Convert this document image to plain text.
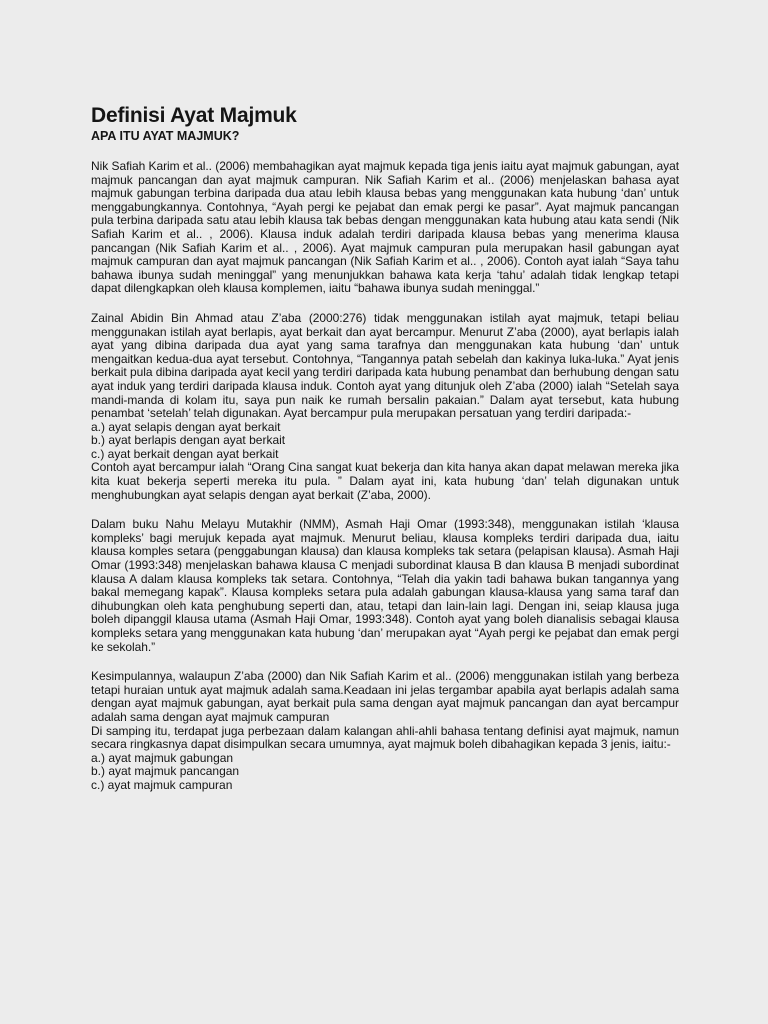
Definisi Ayat Majmuk
APA ITU AYAT MAJMUK?

Nik Safiah Karim et al.. (2006) membahagikan ayat majmuk kepada tiga jenis iaitu ayat majmuk gabungan, ayat majmuk pancangan dan ayat majmuk campuran. Nik Safiah Karim et al.. (2006) menjelaskan bahasa ayat majmuk gabungan terbina daripada dua atau lebih klausa bebas yang menggunakan kata hubung ‘dan’ untuk menggabungkannya. Contohnya, “Ayah pergi ke pejabat dan emak pergi ke pasar”. Ayat majmuk pancangan pula terbina daripada satu atau lebih klausa tak bebas dengan menggunakan kata hubung atau kata sendi (Nik Safiah Karim et al.. , 2006). Klausa induk adalah terdiri daripada klausa bebas yang menerima klausa pancangan (Nik Safiah Karim et al.. , 2006). Ayat majmuk campuran pula merupakan hasil gabungan ayat majmuk campuran dan ayat majmuk pancangan (Nik Safiah Karim et al.. , 2006). Contoh ayat ialah “Saya tahu bahawa ibunya sudah meninggal” yang menunjukkan bahawa kata kerja ‘tahu’ adalah tidak lengkap tetapi dapat dilengkapkan oleh klausa komplemen, iaitu “bahawa ibunya sudah meninggal.”

Zainal Abidin Bin Ahmad atau Z’aba (2000:276) tidak menggunakan istilah ayat majmuk, tetapi beliau menggunakan istilah ayat berlapis, ayat berkait dan ayat bercampur. Menurut Z’aba (2000), ayat berlapis ialah ayat yang dibina daripada dua ayat yang sama tarafnya dan menggunakan kata hubung ‘dan’ untuk mengaitkan kedua-dua ayat tersebut. Contohnya, “Tangannya patah sebelah dan kakinya luka-luka.” Ayat jenis berkait pula dibina daripada ayat kecil yang terdiri daripada kata hubung penambat dan berhubung dengan satu ayat induk yang terdiri daripada klausa induk. Contoh ayat yang ditunjuk oleh Z’aba (2000) ialah “Setelah saya mandi-manda di kolam itu, saya pun naik ke rumah bersalin pakaian.” Dalam ayat tersebut, kata hubung penambat ‘setelah’ telah digunakan. Ayat bercampur pula merupakan persatuan yang terdiri daripada:-

a.) ayat selapis dengan ayat berkait
b.) ayat berlapis dengan ayat berkait
c.) ayat berkait dengan ayat berkait

Contoh ayat bercampur ialah “Orang Cina sangat kuat bekerja dan kita hanya akan dapat melawan mereka jika kita kuat bekerja seperti mereka itu pula. ” Dalam ayat ini, kata hubung ‘dan’ telah digunakan untuk menghubungkan ayat selapis dengan ayat berkait (Z’aba, 2000).

Dalam buku Nahu Melayu Mutakhir (NMM), Asmah Haji Omar (1993:348), menggunakan istilah ‘klausa kompleks’ bagi merujuk kepada ayat majmuk. Menurut beliau, klausa kompleks terdiri daripada dua, iaitu klausa komples setara (penggabungan klausa) dan klausa kompleks tak setara (pelapisan klausa). Asmah Haji Omar (1993:348) menjelaskan bahawa klausa C menjadi subordinat klausa B dan klausa B menjadi subordinat klausa A dalam klausa kompleks tak setara. Contohnya, “Telah dia yakin tadi bahawa bukan tangannya yang bakal memegang kapak”. Klausa kompleks setara pula adalah gabungan klausa-klausa yang sama taraf dan dihubungkan oleh kata penghubung seperti dan, atau, tetapi dan lain-lain lagi. Dengan ini, seiap klausa juga boleh dipanggil klausa utama (Asmah Haji Omar, 1993:348). Contoh ayat yang boleh dianalisis sebagai klausa kompleks setara yang menggunakan kata hubung ‘dan’ merupakan ayat “Ayah pergi ke pejabat dan emak pergi ke sekolah.”

Kesimpulannya, walaupun Z’aba (2000) dan Nik Safiah Karim et al.. (2006) menggunakan istilah yang berbeza tetapi huraian untuk ayat majmuk adalah sama.Keadaan ini jelas tergambar apabila ayat berlapis adalah sama dengan ayat majmuk gabungan, ayat berkait pula sama dengan ayat majmuk pancangan dan ayat bercampur adalah sama dengan ayat majmuk campuran

Di samping itu, terdapat juga perbezaan dalam kalangan ahli-ahli bahasa tentang definisi ayat majmuk, namun secara ringkasnya dapat disimpulkan secara umumnya, ayat majmuk boleh dibahagikan kepada 3 jenis, iaitu:-

a.) ayat majmuk gabungan
b.) ayat majmuk pancangan
c.) ayat majmuk campuran
